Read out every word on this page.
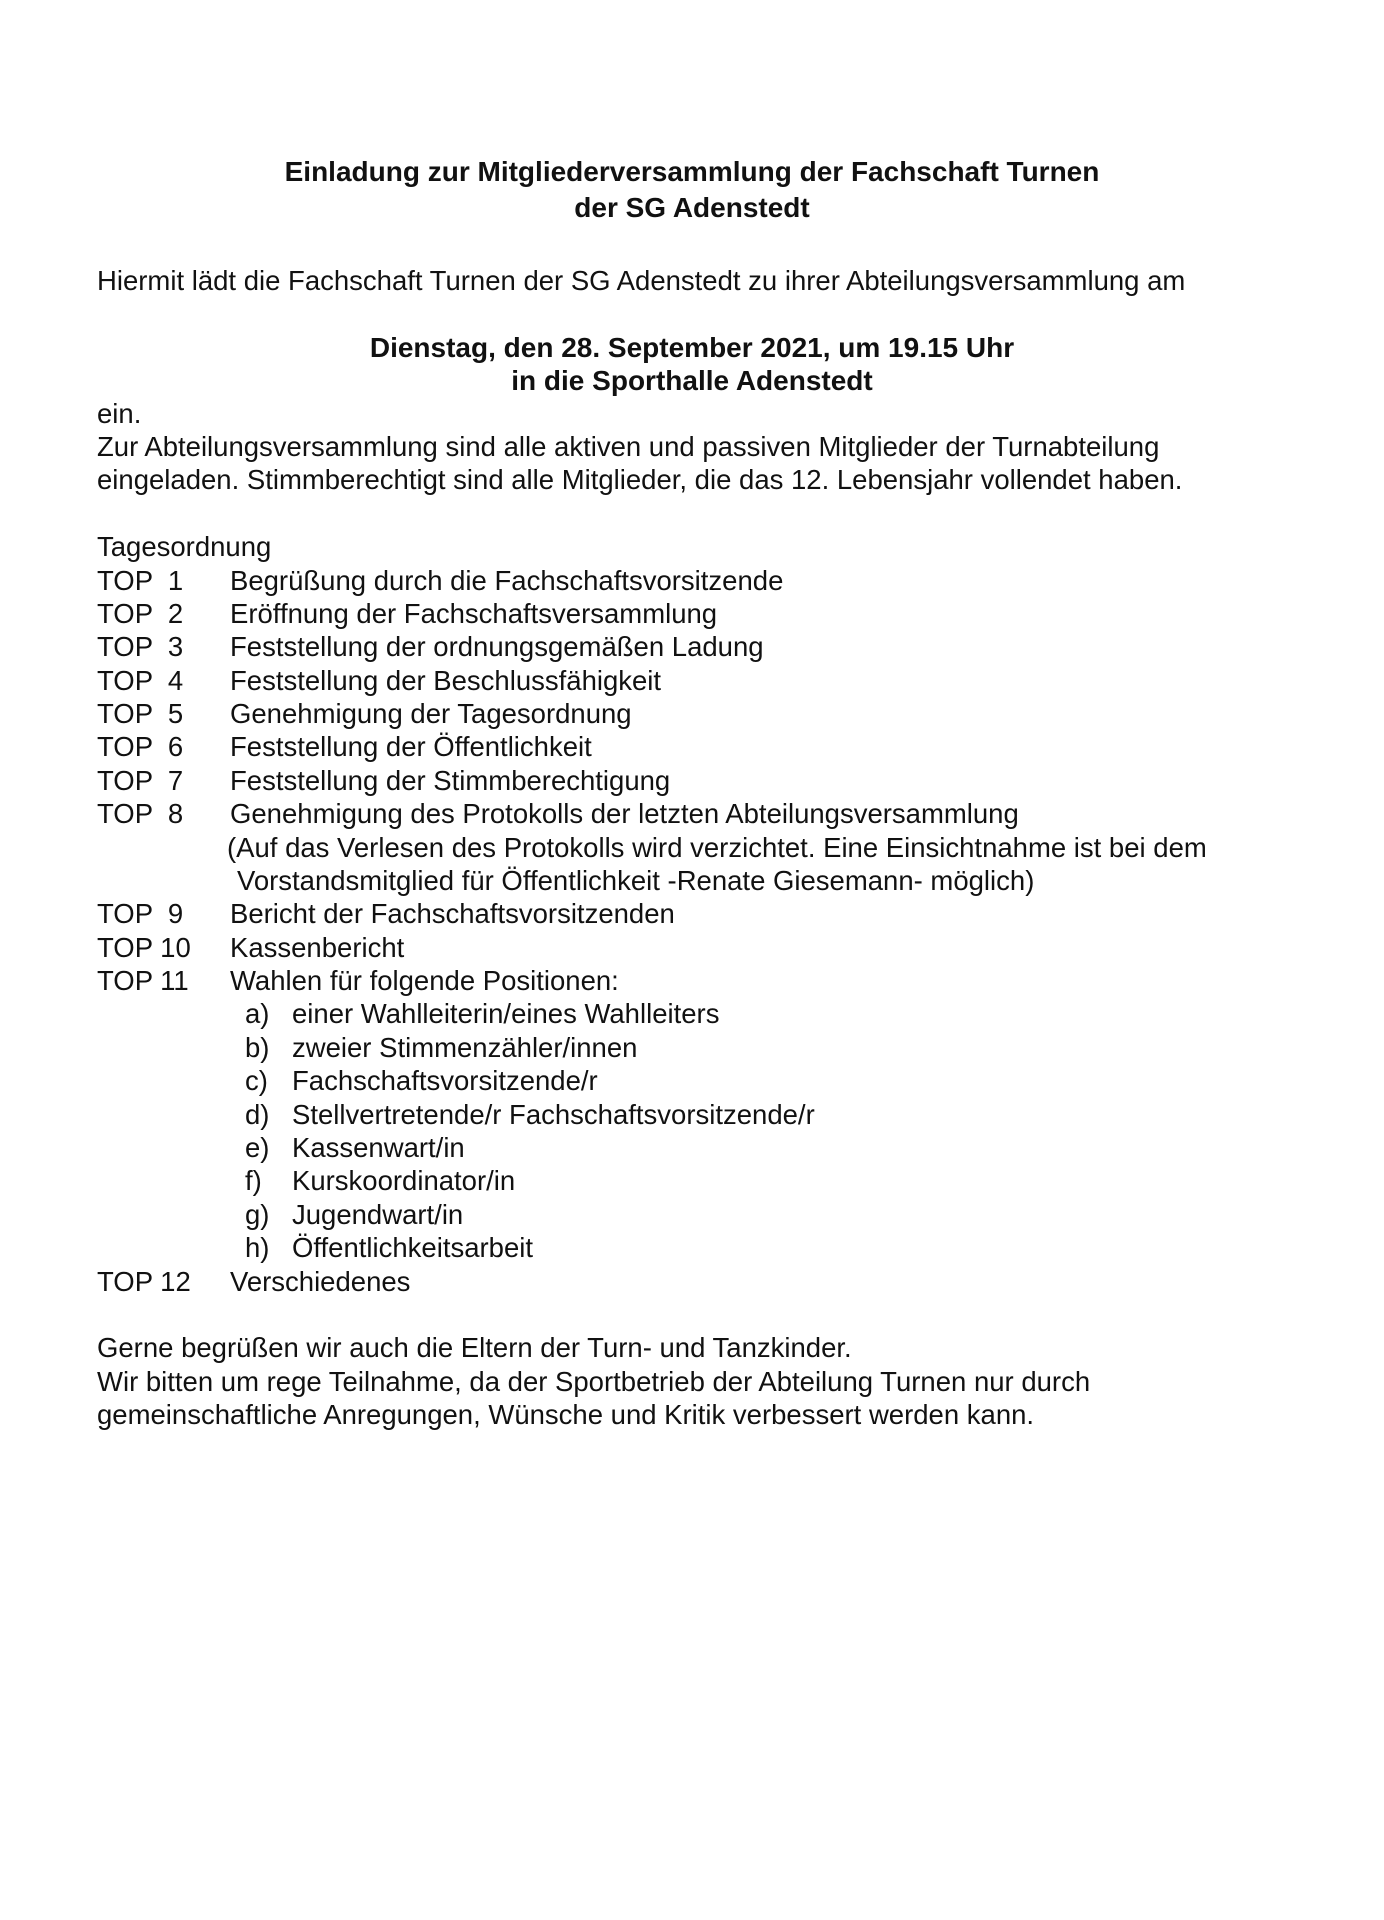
Einladung zur Mitgliederversammlung der Fachschaft Turnen
der SG Adenstedt
Hiermit lädt die Fachschaft Turnen der SG Adenstedt zu ihrer Abteilungsversammlung am
Dienstag, den 28. September 2021, um 19.15 Uhr
in die Sporthalle Adenstedt
ein.
Zur Abteilungsversammlung sind alle aktiven und passiven Mitglieder der Turnabteilung
eingeladen. Stimmberechtigt sind alle Mitglieder, die das 12. Lebensjahr vollendet haben.
Tagesordnung
TOP  1 Begrüßung durch die Fachschaftsvorsitzende
TOP  2 Eröffnung der Fachschaftsversammlung
TOP  3 Feststellung der ordnungsgemäßen Ladung
TOP  4 Feststellung der Beschlussfähigkeit
TOP  5 Genehmigung der Tagesordnung
TOP  6 Feststellung der Öffentlichkeit
TOP  7 Feststellung der Stimmberechtigung
TOP  8 Genehmigung des Protokolls der letzten Abteilungsversammlung
(Auf das Verlesen des Protokolls wird verzichtet. Eine Einsichtnahme ist bei dem
Vorstandsmitglied für Öffentlichkeit -Renate Giesemann- möglich)
TOP  9 Bericht der Fachschaftsvorsitzenden
TOP 10 Kassenbericht
TOP 11 Wahlen für folgende Positionen:
a) einer Wahlleiterin/eines Wahlleiters
b) zweier Stimmenzähler/innen
c) Fachschaftsvorsitzende/r
d) Stellvertretende/r Fachschaftsvorsitzende/r
e) Kassenwart/in
f) Kurskoordinator/in
g) Jugendwart/in
h) Öffentlichkeitsarbeit
TOP 12 Verschiedenes
Gerne begrüßen wir auch die Eltern der Turn- und Tanzkinder.
Wir bitten um rege Teilnahme, da der Sportbetrieb der Abteilung Turnen nur durch
gemeinschaftliche Anregungen, Wünsche und Kritik verbessert werden kann.
